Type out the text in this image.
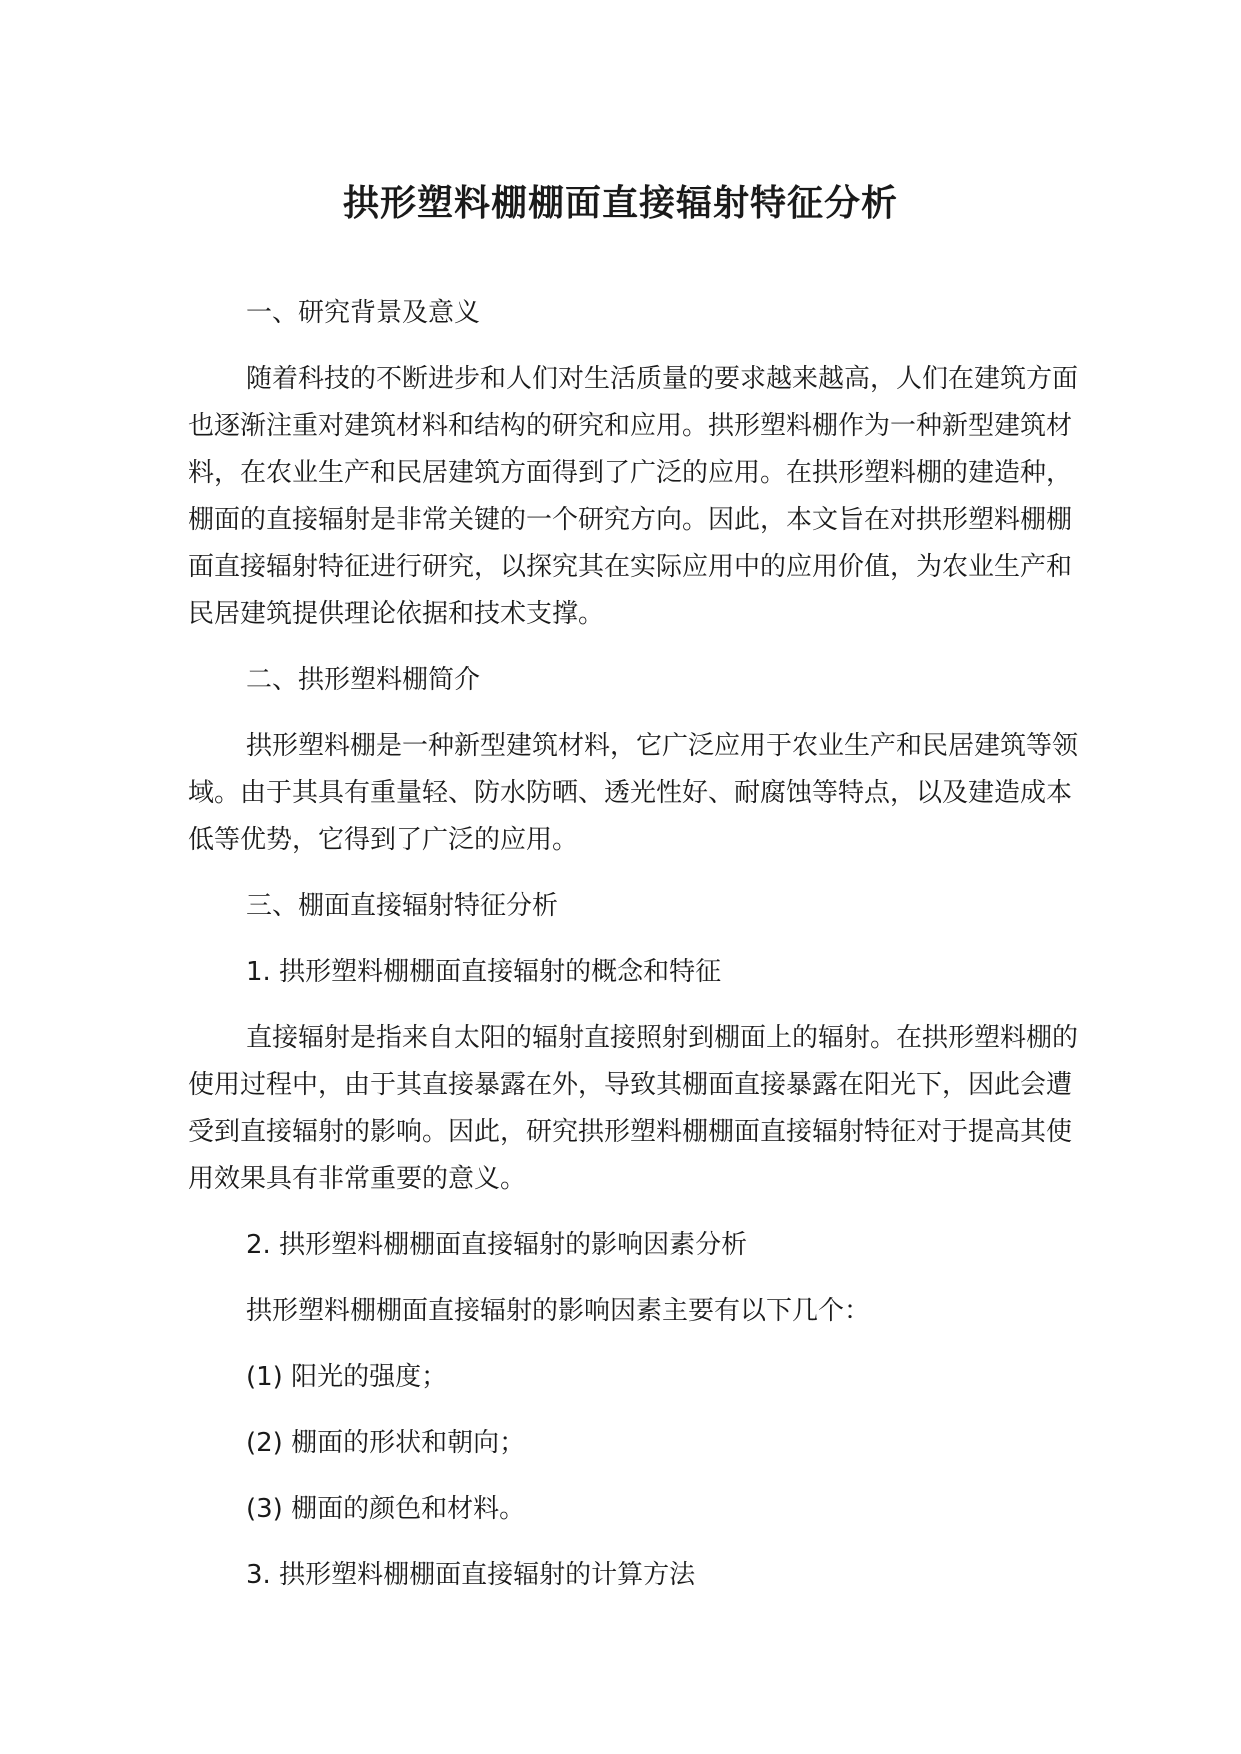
拱形塑料棚棚面直接辐射特征分析

一、研究背景及意义

随着科技的不断进步和人们对生活质量的要求越来越高，人们在建筑方面也逐渐注重对建筑材料和结构的研究和应用。拱形塑料棚作为一种新型建筑材料，在农业生产和民居建筑方面得到了广泛的应用。在拱形塑料棚的建造种，棚面的直接辐射是非常关键的一个研究方向。因此，本文旨在对拱形塑料棚棚面直接辐射特征进行研究，以探究其在实际应用中的应用价值，为农业生产和民居建筑提供理论依据和技术支撑。

二、拱形塑料棚简介

拱形塑料棚是一种新型建筑材料，它广泛应用于农业生产和民居建筑等领域。由于其具有重量轻、防水防晒、透光性好、耐腐蚀等特点，以及建造成本低等优势，它得到了广泛的应用。

三、棚面直接辐射特征分析

1. 拱形塑料棚棚面直接辐射的概念和特征

直接辐射是指来自太阳的辐射直接照射到棚面上的辐射。在拱形塑料棚的使用过程中，由于其直接暴露在外，导致其棚面直接暴露在阳光下，因此会遭受到直接辐射的影响。因此，研究拱形塑料棚棚面直接辐射特征对于提高其使用效果具有非常重要的意义。

2. 拱形塑料棚棚面直接辐射的影响因素分析

拱形塑料棚棚面直接辐射的影响因素主要有以下几个：

(1) 阳光的强度；

(2) 棚面的形状和朝向；

(3) 棚面的颜色和材料。

3. 拱形塑料棚棚面直接辐射的计算方法
